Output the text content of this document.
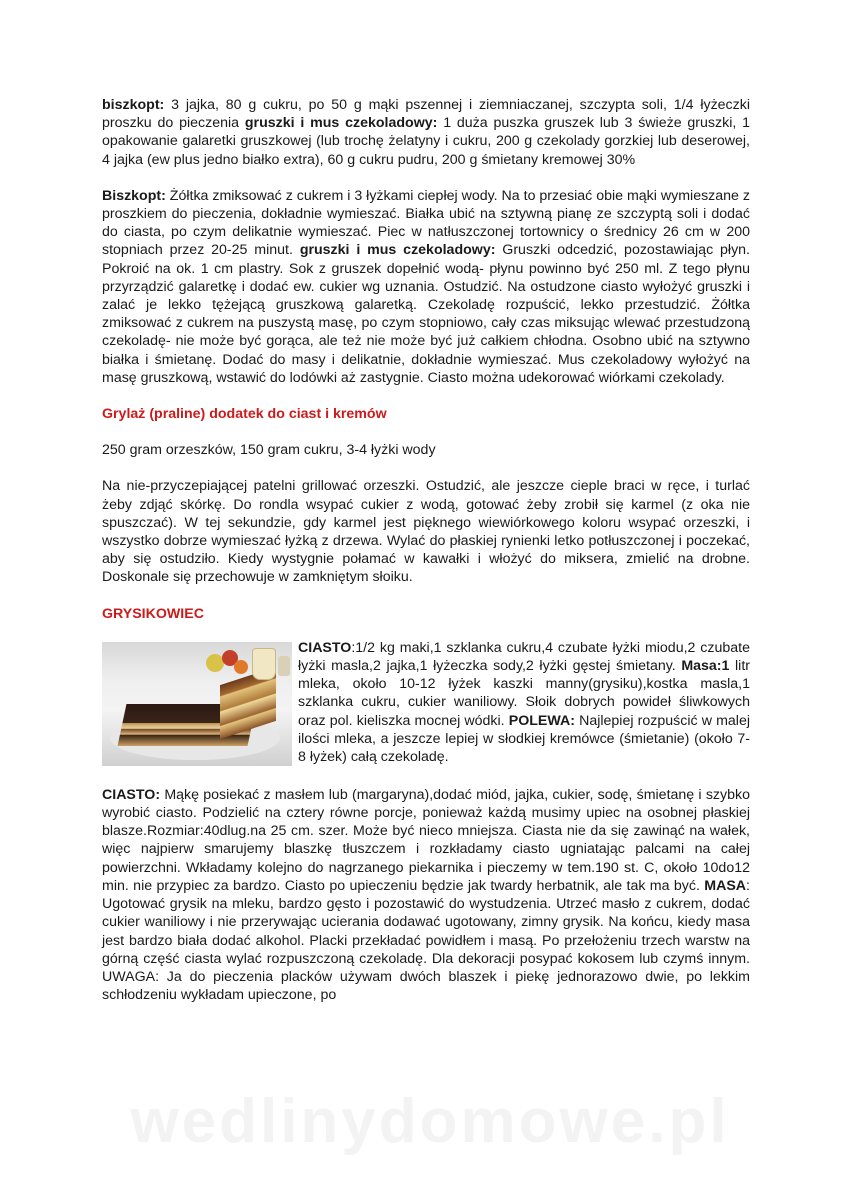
biszkopt: 3 jajka, 80 g cukru, po 50 g mąki pszennej i ziemniaczanej, szczypta soli, 1/4 łyżeczki proszku do pieczenia gruszki i mus czekoladowy: 1 duża puszka gruszek lub 3 świeże gruszki, 1 opakowanie galaretki gruszkowej (lub trochę żelatyny i cukru, 200 g czekolady gorzkiej lub deserowej, 4 jajka (ew plus jedno białko extra), 60 g cukru pudru, 200 g śmietany kremowej 30%

Biszkopt: Żółtka zmiksować z cukrem i 3 łyżkami ciepłej wody. Na to przesiać obie mąki wymieszane z proszkiem do pieczenia, dokładnie wymieszać. Białka ubić na sztywną pianę ze szczyptą soli i dodać do ciasta, po czym delikatnie wymieszać. Piec w natłuszczonej tortownicy o średnicy 26 cm w 200 stopniach przez 20-25 minut. gruszki i mus czekoladowy: Gruszki odcedzić, pozostawiając płyn. Pokroić na ok. 1 cm plastry. Sok z gruszek dopełnić wodą- płynu powinno być 250 ml. Z tego płynu przyrządzić galaretkę i dodać ew. cukier wg uznania. Ostudzić. Na ostudzone ciasto wyłożyć gruszki i zalać je lekko tężejącą gruszkową galaretką. Czekoladę rozpuścić, lekko przestudzić. Żółtka zmiksować z cukrem na puszystą masę, po czym stopniowo, cały czas miksując wlewać przestudzoną czekoladę- nie może być gorąca, ale też nie może być już całkiem chłodna. Osobno ubić na sztywno białka i śmietanę. Dodać do masy i delikatnie, dokładnie wymieszać. Mus czekoladowy wyłożyć na masę gruszkową, wstawić do lodówki aż zastygnie. Ciasto można udekorować wiórkami czekolady.

Grylaż (praline) dodatek do ciast i kremów

250 gram orzeszków, 150 gram cukru, 3-4 łyżki wody

Na nie-przyczepiającej patelni grillować orzeszki. Ostudzić, ale jeszcze cieple braci w ręce, i turlać żeby zdjąć skórkę. Do rondla wsypać cukier z wodą, gotować żeby zrobił się karmel (z oka nie spuszczać). W tej sekundzie, gdy karmel jest pięknego wiewiórkowego koloru wsypać orzeszki, i wszystko dobrze wymieszać łyżką z drzewa. Wylać do płaskiej rynienki letko potłuszczonej i poczekać, aby się ostudziło. Kiedy wystygnie połamać w kawałki i włożyć do miksera, zmielić na drobne. Doskonale się przechowuje w zamkniętym słoiku.

GRYSIKOWIEC

CIASTO:1/2 kg maki,1 szklanka cukru,4 czubate łyżki miodu,2 czubate łyżki masla,2 jajka,1 łyżeczka sody,2 łyżki gęstej śmietany. Masa:1 litr mleka, około 10-12 łyżek kaszki manny(grysiku),kostka masla,1 szklanka cukru, cukier waniliowy. Słoik dobrych powideł śliwkowych oraz pol. kieliszka mocnej wódki. POLEWA: Najlepiej rozpuścić w malej ilości mleka, a jeszcze lepiej w słodkiej kremówce (śmietanie) (około 7-8 łyżek) całą czekoladę.

CIASTO: Mąkę posiekać z masłem lub (margaryna),dodać miód, jajka, cukier, sodę, śmietanę i szybko wyrobić ciasto. Podzielić na cztery równe porcje, ponieważ każdą musimy upiec na osobnej płaskiej blasze.Rozmiar:40dlug.na 25 cm. szer. Może być nieco mniejsza. Ciasta nie da się zawinąć na wałek, więc najpierw smarujemy blaszkę tłuszczem i rozkładamy ciasto ugniatając palcami na całej powierzchni. Wkładamy kolejno do nagrzanego piekarnika i pieczemy w tem.190 st. C, około 10do12 min. nie przypiec za bardzo. Ciasto po upieczeniu będzie jak twardy herbatnik, ale tak ma być. MASA: Ugotować grysik na mleku, bardzo gęsto i pozostawić do wystudzenia. Utrzeć masło z cukrem, dodać cukier waniliowy i nie przerywając ucierania dodawać ugotowany, zimny grysik. Na końcu, kiedy masa jest bardzo biała dodać alkohol. Placki przekładać powidłem i masą. Po przełożeniu trzech warstw na górną część ciasta wylać rozpuszczoną czekoladę. Dla dekoracji posypać kokosem lub czymś innym. UWAGA: Ja do pieczenia placków używam dwóch blaszek i piekę jednorazowo dwie, po lekkim schłodzeniu wykładam upieczone, po

wedlinydomowe.pl
